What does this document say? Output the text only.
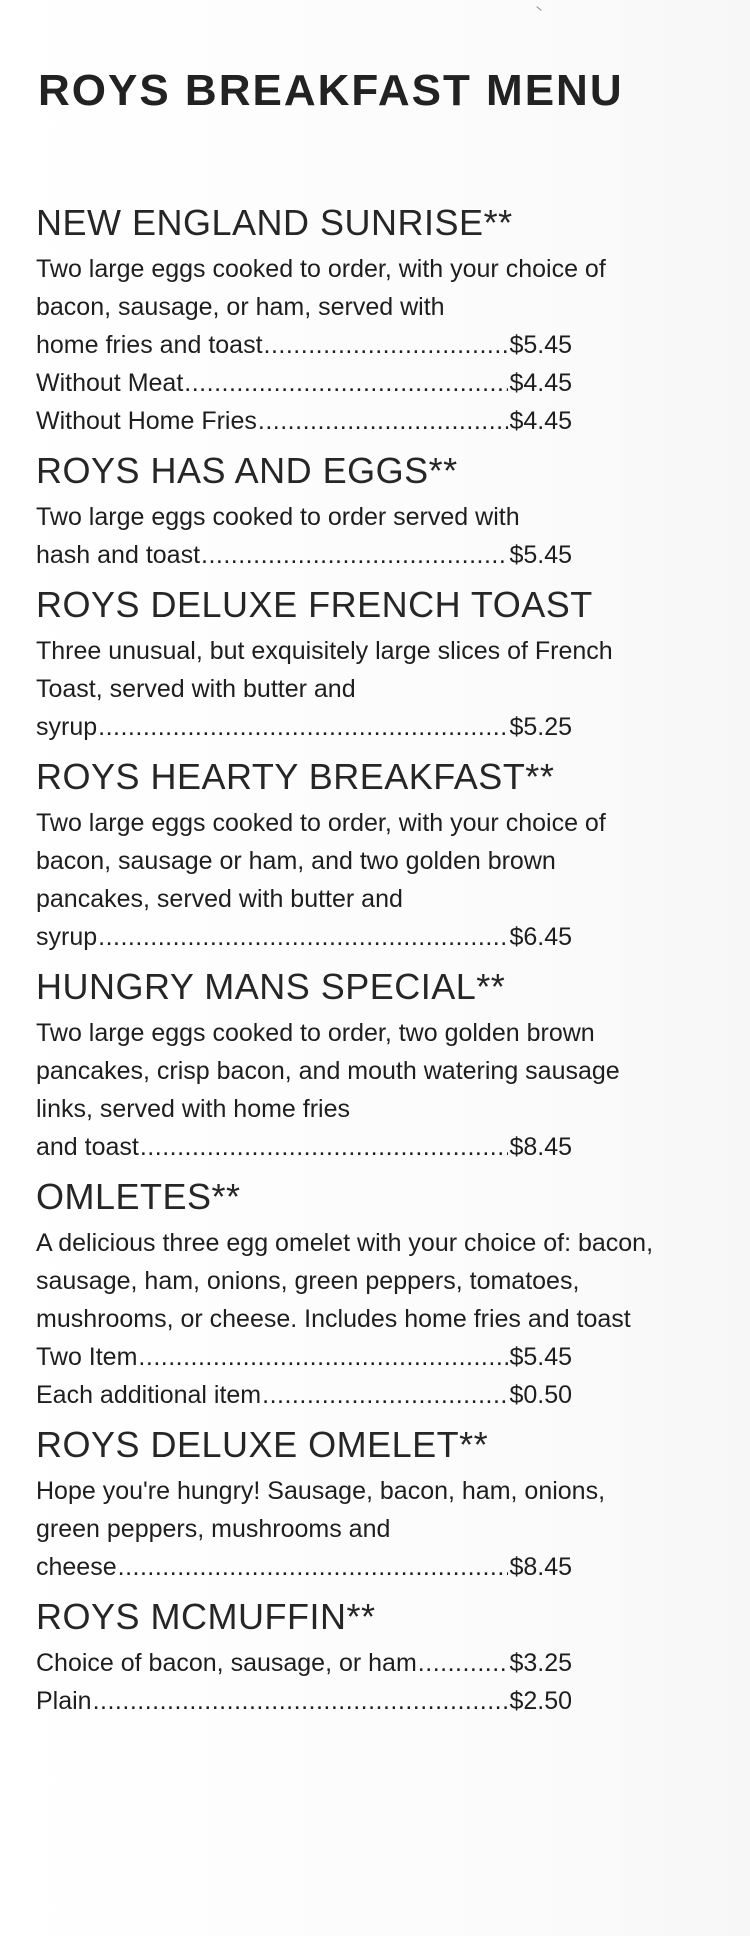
ROYS BREAKFAST MENU
NEW ENGLAND SUNRISE**
Two large eggs cooked to order, with your choice of bacon, sausage, or ham, served with
home fries and toast .....	$5.45
Without Meat .....	$4.45
Without Home Fries .....	$4.45
ROYS HAS AND EGGS**
Two large eggs cooked to order served with
hash and toast .....	$5.45
ROYS DELUXE FRENCH TOAST
Three unusual, but exquisitely large slices of French Toast, served with butter and
syrup .....	$5.25
ROYS HEARTY BREAKFAST**
Two large eggs cooked to order, with your choice of bacon, sausage or ham, and two golden brown pancakes, served with butter and
syrup .....	$6.45
HUNGRY MANS SPECIAL**
Two large eggs cooked to order, two golden brown pancakes, crisp bacon, and mouth watering sausage links, served with home fries
and toast .....	$8.45
OMLETES**
A delicious three egg omelet with your choice of: bacon, sausage, ham, onions, green peppers, tomatoes, mushrooms, or cheese. Includes home fries and toast
Two Item .....	$5.45
Each additional item .....	$0.50
ROYS DELUXE OMELET**
Hope you're hungry! Sausage, bacon, ham, onions, green peppers, mushrooms and
cheese .....	$8.45
ROYS MCMUFFIN**
Choice of bacon, sausage, or ham .....	$3.25
Plain .....	$2.50
